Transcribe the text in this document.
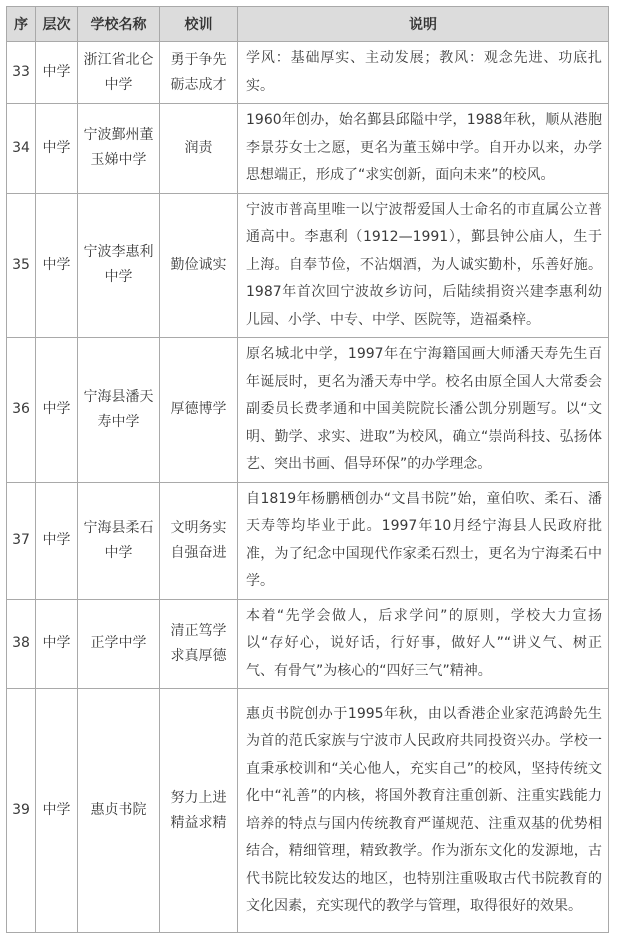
序	层次	学校名称	校训	说明
33	中学	浙江省北仑中学	勇于争先砺志成才	学风：基础厚实、主动发展；教风：观念先进、功底扎实。
34	中学	宁波鄞州董玉娣中学	润责	1960年创办，始名鄞县邱隘中学，1988年秋，顺从港胞李景芬女士之愿，更名为董玉娣中学。自开办以来，办学思想端正，形成了“求实创新，面向未来”的校风。
35	中学	宁波李惠利中学	勤俭诚实	宁波市普高里唯一以宁波帮爱国人士命名的市直属公立普通高中。李惠利（1912—1991），鄞县钟公庙人，生于上海。自奉节俭，不沾烟酒，为人诚实勤朴，乐善好施。1987年首次回宁波故乡访问，后陆续捐资兴建李惠利幼儿园、小学、中专、中学、医院等，造福桑梓。
36	中学	宁海县潘天寿中学	厚德博学	原名城北中学，1997年在宁海籍国画大师潘天寿先生百年诞辰时，更名为潘天寿中学。校名由原全国人大常委会副委员长费孝通和中国美院院长潘公凯分别题写。以“文明、勤学、求实、进取”为校风，确立“崇尚科技、弘扬体艺、突出书画、倡导环保”的办学理念。
37	中学	宁海县柔石中学	文明务实自强奋进	自1819年杨鹏栖创办“文昌书院”始，童伯吹、柔石、潘天寿等均毕业于此。1997年10月经宁海县人民政府批准，为了纪念中国现代作家柔石烈士，更名为宁海柔石中学。
38	中学	正学中学	清正笃学求真厚德	本着“先学会做人，后求学问”的原则，学校大力宣扬以“存好心，说好话，行好事，做好人”“讲义气、树正气、有骨气”为核心的“四好三气”精神。
39	中学	惠贞书院	努力上进精益求精	惠贞书院创办于1995年秋，由以香港企业家范鸿龄先生为首的范氏家族与宁波市人民政府共同投资兴办。学校一直秉承校训和“关心他人，充实自己”的校风，坚持传统文化中“礼善”的内核，将国外教育注重创新、注重实践能力培养的特点与国内传统教育严谨规范、注重双基的优势相结合，精细管理，精致教学。作为浙东文化的发源地，古代书院比较发达的地区，也特别注重吸取古代书院教育的文化因素，充实现代的教学与管理，取得很好的效果。
